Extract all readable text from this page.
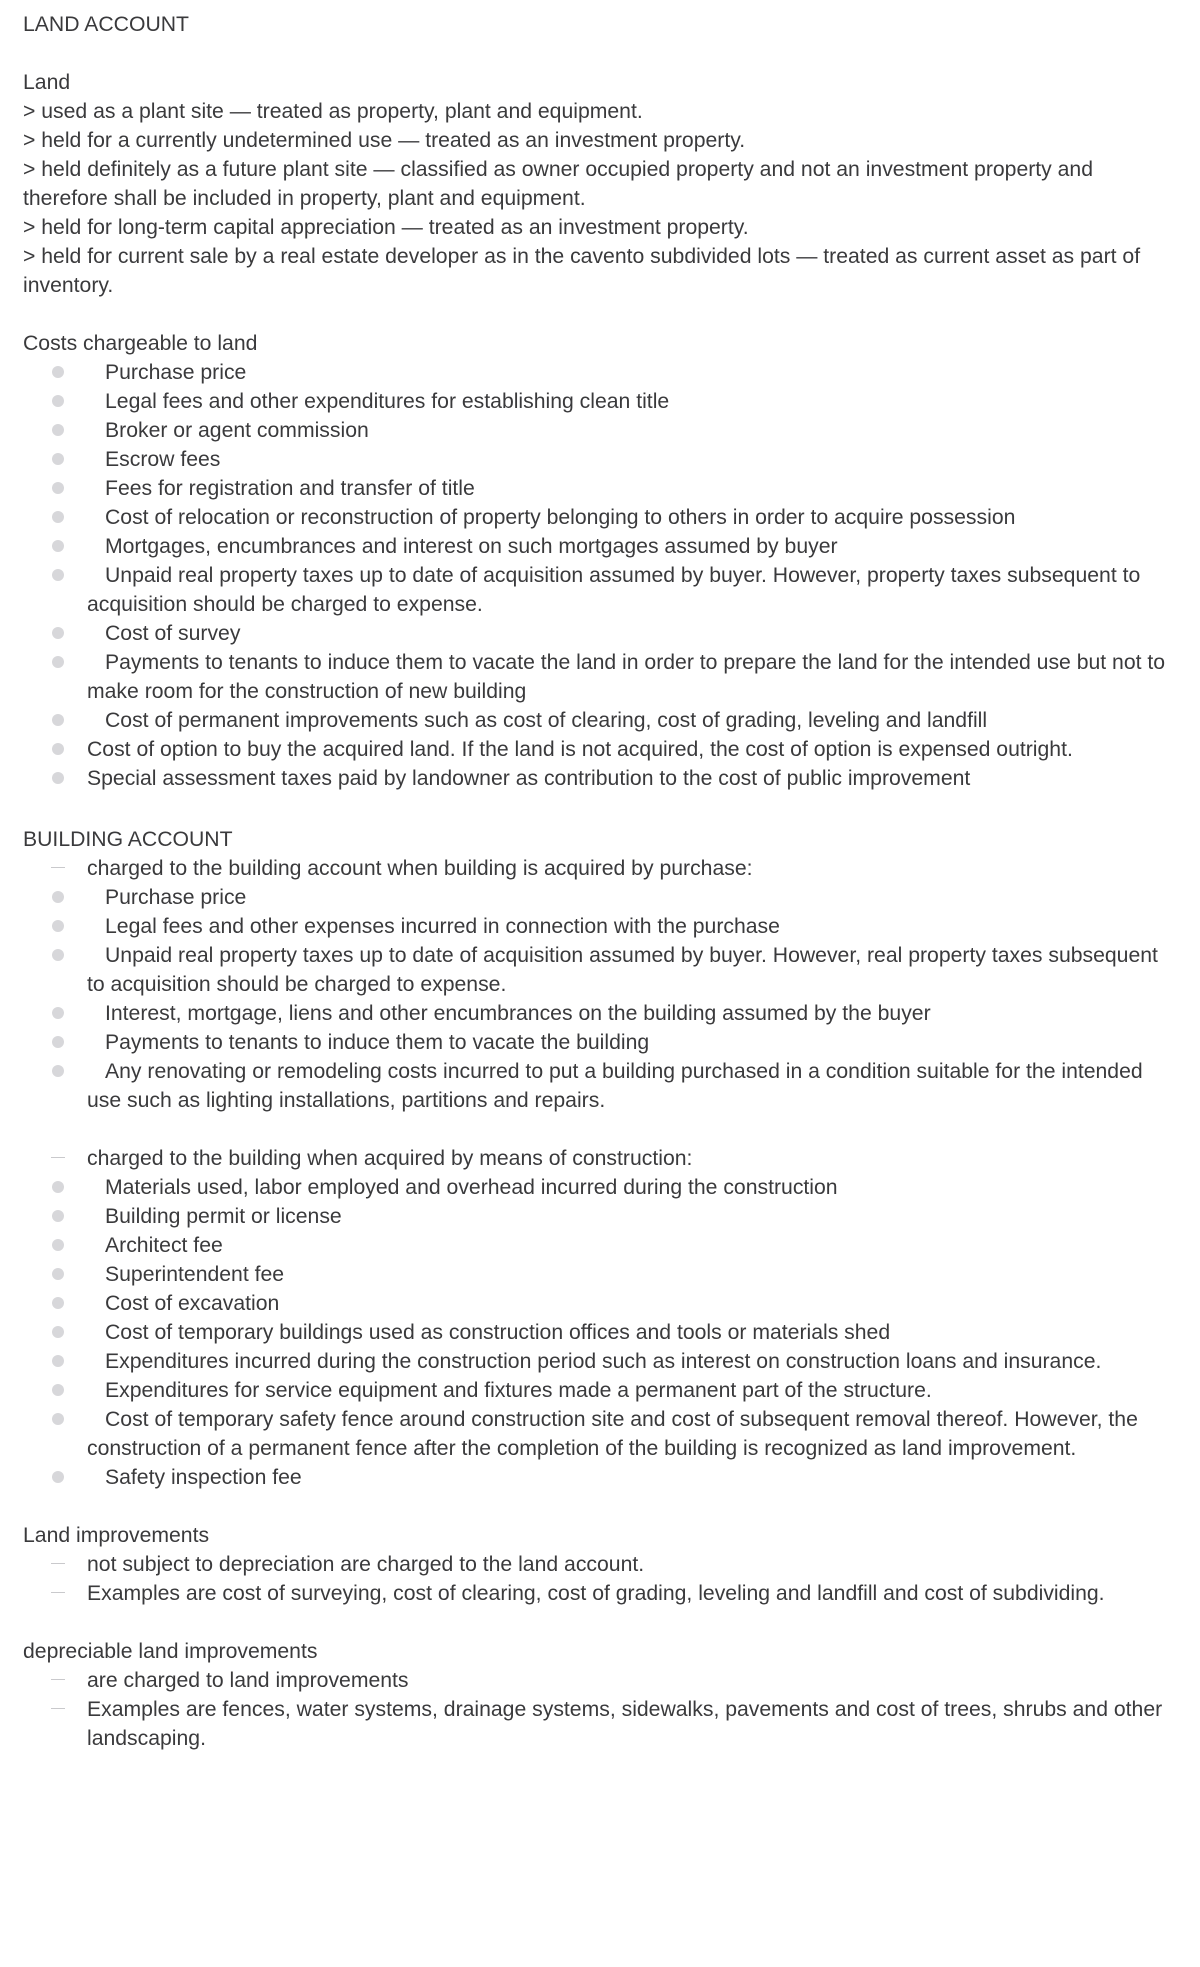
LAND ACCOUNT

Land

> used as a plant site — treated as property, plant and equipment.

> held for a currently undetermined use — treated as an investment property.

> held definitely as a future plant site — classified as owner occupied property and not an investment property and therefore shall be included in property, plant and equipment.

> held for long-term capital appreciation — treated as an investment property.

> held for current sale by a real estate developer as in the cavento subdivided lots — treated as current asset as part of inventory.

Costs chargeable to land

Purchase price
Legal fees and other expenditures for establishing clean title
Broker or agent commission
Escrow fees
Fees for registration and transfer of title
Cost of relocation or reconstruction of property belonging to others in order to acquire possession
Mortgages, encumbrances and interest on such mortgages assumed by buyer
Unpaid real property taxes up to date of acquisition assumed by buyer. However, property taxes subsequent to acquisition should be charged to expense.
Cost of survey
Payments to tenants to induce them to vacate the land in order to prepare the land for the intended use but not to make room for the construction of new building
Cost of permanent improvements such as cost of clearing, cost of grading, leveling and landfill
Cost of option to buy the acquired land. If the land is not acquired, the cost of option is expensed outright.
Special assessment taxes paid by landowner as contribution to the cost of public improvement

BUILDING ACCOUNT

charged to the building account when building is acquired by purchase:
Purchase price
Legal fees and other expenses incurred in connection with the purchase
Unpaid real property taxes up to date of acquisition assumed by buyer. However, real property taxes subsequent to acquisition should be charged to expense.
Interest, mortgage, liens and other encumbrances on the building assumed by the buyer
Payments to tenants to induce them to vacate the building
Any renovating or remodeling costs incurred to put a building purchased in a condition suitable for the intended use such as lighting installations, partitions and repairs.
charged to the building when acquired by means of construction:
Materials used, labor employed and overhead incurred during the construction
Building permit or license
Architect fee
Superintendent fee
Cost of excavation
Cost of temporary buildings used as construction offices and tools or materials shed
Expenditures incurred during the construction period such as interest on construction loans and insurance.
Expenditures for service equipment and fixtures made a permanent part of the structure.
Cost of temporary safety fence around construction site and cost of subsequent removal thereof. However, the construction of a permanent fence after the completion of the building is recognized as land improvement.
Safety inspection fee

Land improvements

not subject to depreciation are charged to the land account.
Examples are cost of surveying, cost of clearing, cost of grading, leveling and landfill and cost of subdividing.

depreciable land improvements

are charged to land improvements
Examples are fences, water systems, drainage systems, sidewalks, pavements and cost of trees, shrubs and other landscaping.
